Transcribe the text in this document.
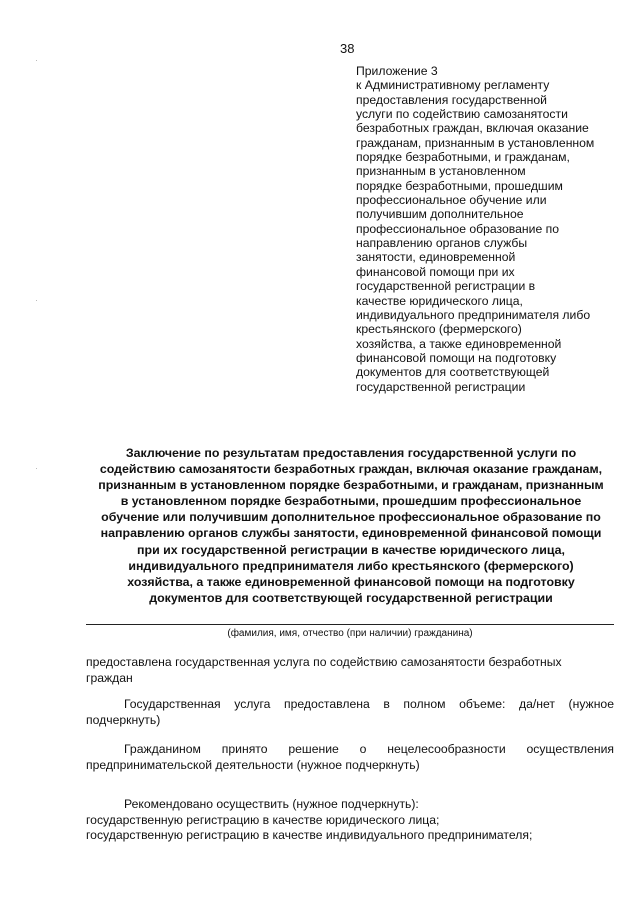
38
Приложение 3
к Административному регламенту
предоставления государственной
услуги по содействию самозанятости
безработных граждан, включая оказание
гражданам, признанным в установленном
порядке безработными, и гражданам,
признанным в установленном
порядке безработными, прошедшим
профессиональное обучение или
получившим дополнительное
профессиональное образование по
направлению органов службы
занятости, единовременной
финансовой помощи при их
государственной регистрации в
качестве юридического лица,
индивидуального предпринимателя либо
крестьянского (фермерского)
хозяйства, а также единовременной
финансовой помощи на подготовку
документов для соответствующей
государственной регистрации
Заключение по результатам предоставления государственной услуги по
содействию самозанятости безработных граждан, включая оказание гражданам,
признанным в установленном порядке безработными, и гражданам, признанным
в установленном порядке безработными, прошедшим профессиональное
обучение или получившим дополнительное профессиональное образование по
направлению органов службы занятости, единовременной финансовой помощи
при их государственной регистрации в качестве юридического лица,
индивидуального предпринимателя либо крестьянского (фермерского)
хозяйства, а также единовременной финансовой помощи на подготовку
документов для соответствующей государственной регистрации
(фамилия, имя, отчество (при наличии) гражданина)
предоставлена государственная услуга по содействию самозанятости безработных
граждан
Государственная услуга предоставлена в полном объеме: да/нет (нужное
подчеркнуть)
Гражданином принято решение о нецелесообразности осуществления
предпринимательской деятельности (нужное подчеркнуть)
Рекомендовано осуществить (нужное подчеркнуть):
государственную регистрацию в качестве юридического лица;
государственную регистрацию в качестве индивидуального предпринимателя;
